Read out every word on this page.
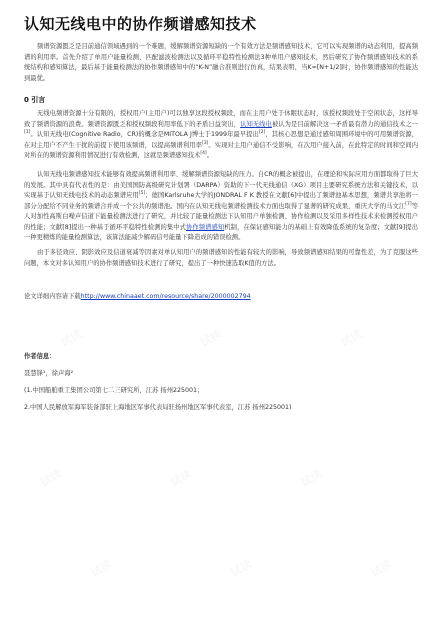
认知无线电中的协作频谱感知技术

频谱资源匮乏是目前通信领域遇到的一个难题，缓解频谱资源短缺的一个有效方法是频谱感知技术，它可以实现频谱的动态利用，提高频谱的利用率。首先介绍了单用户能量检测、匹配滤波检测法以及循环平稳特性检测法3种单用户感知技术，然后研究了协作频谱感知技术的系统结构和感知算法，最后基于能量检测法的协作频谱感知中的“K-N”融合准则进行仿真，结果表明，当K=[N+1/2]时，协作频谱感知的性能达到最优。

0 引言

无线电频谱资源十分有限的，授权用户(主用户)可以独享这段授权频段，而在主用户处于休眠状态时，该授权频段处于空闲状态，这样导致了频谱资源的浪费。频谱资源匮乏和授权频段利用率低下的矛盾日益突出，认知无线电被认为是目前解决这一矛盾最有潜力的通信技术之一[1]。认知无线电(Cognitive Radio，CR)的概念是MITOLA J博士于1999年最早提出[2]，其核心思想是通过感知周围环境中的可用频谱资源，在对主用户不产生干扰的前提下使用该频谱，以提高频谱利用率[3]。实现对主用户通信不受影响，在次用户接入前，在此特定的时间和空间内对所在的频谱资源利用情况进行有效检测，这就是频谱感知技术[4]。

认知无线电频谱感知技术能够有效提高频谱利用率、缓解频谱资源短缺的压力。自CR的概念被提出，在理论和实际应用方面都取得了巨大的发展。其中具有代表性的是：由美国国防高级研究计划署（DARPA）资助的下一代无线通信（XG）项目主要研究系统方法和关键技术，以实现基于认知无线电技术的动态频谱应用[5]；德国Karlsruhe大学的JONDRAL F K 教授在文献[6]中提出了频谱池基本思想，频谱共享池将一部分分配给不同业务的频谱合并成一个公共的频谱池。国内在认知无线电频谱检测技术方面也取得了显著的研究成果，重庆大学的马文江[7]等人对加性高斯白噪声信道下能量检测法进行了研究，并比较了能量检测法下认知用户单独检测、协作检测以及采用多样性技术来检测授权用户的性能；文献[8]提出一种基于循环平稳特性检测的集中式协作频谱感知机制，在保证感知能力的基础上有效降低系统的复杂度；文献[9]提出一种更精炼的能量检测算法，该算法能减少解码信号能量下降造成的错误检测。

由于多径效应、阴影效应及信道衰减等因素对单认知用户的频谱感知的性能有较大的影响，导致频谱感知结果的可靠性差，为了克服这些问题，本文对多认知用户的协作频谱感知技术进行了研究，提出了一种快速选取K值的方法。

论文详细内容请下载http://www.chinaaet.com/resource/share/2000002794
作者信息：
聂慧锋¹，徐声海²
(1.中国船舶重工集团公司第七二三研究所，江苏 扬州225001；
2.中国人民解放军海军装备部驻上海地区军事代表局驻扬州地区军事代表室，江苏 扬州225001)
试读	试读	试读
试读	试读	试读
试读	试读	试读
